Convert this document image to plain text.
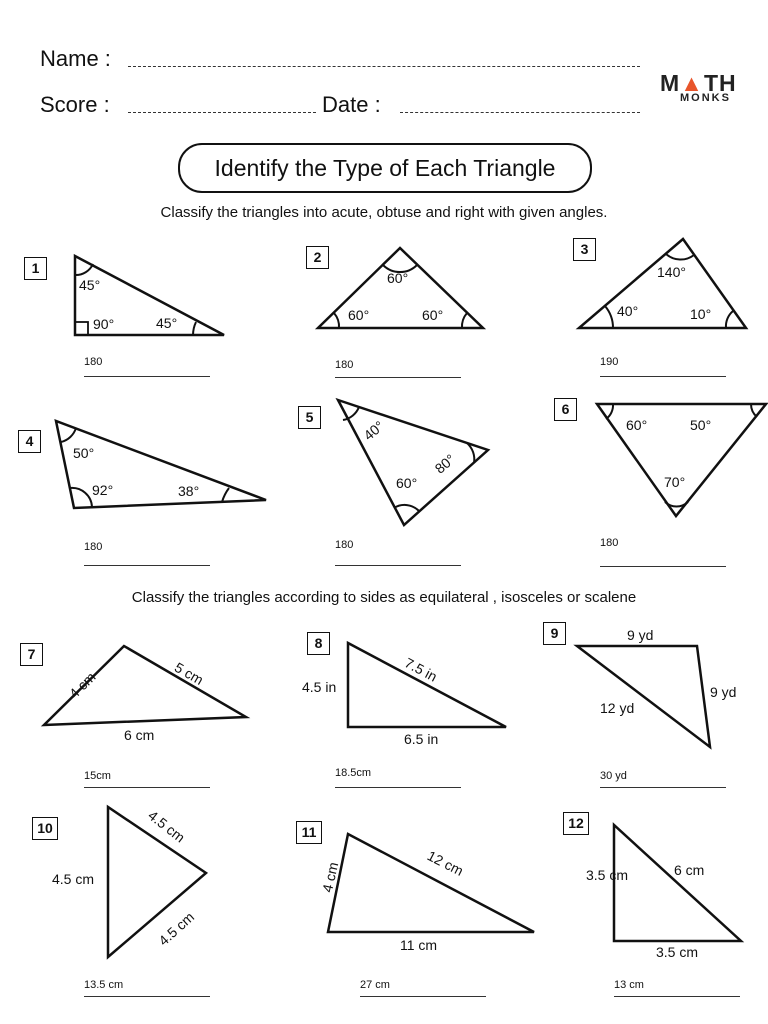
Name :
Score :	Date :
M▲TH
MONKS
Identify the Type of Each Triangle
Classify the triangles into acute, obtuse and right with given angles.
Classify the triangles according to sides as equilateral , isosceles or scalene
1
2	3
4
5	6
7
8
9
10	11
12
180	180	190
180	180	180
15cm	18.5cm	30 yd
13.5 cm	27 cm	13 cm
45°
90°	45°
60°
60°	60°
140°
40°	10°
50°
92°	38°
40°
80°
60°
60°	50°
70°
4 cm	5 cm
6 cm
4.5 in
7.5 in
6.5 in
9 yd
9 yd
12 yd
4.5 cm
4.5 cm
4.5 cm
4 cm	12 cm
11 cm
3.5 cm	6 cm
3.5 cm
